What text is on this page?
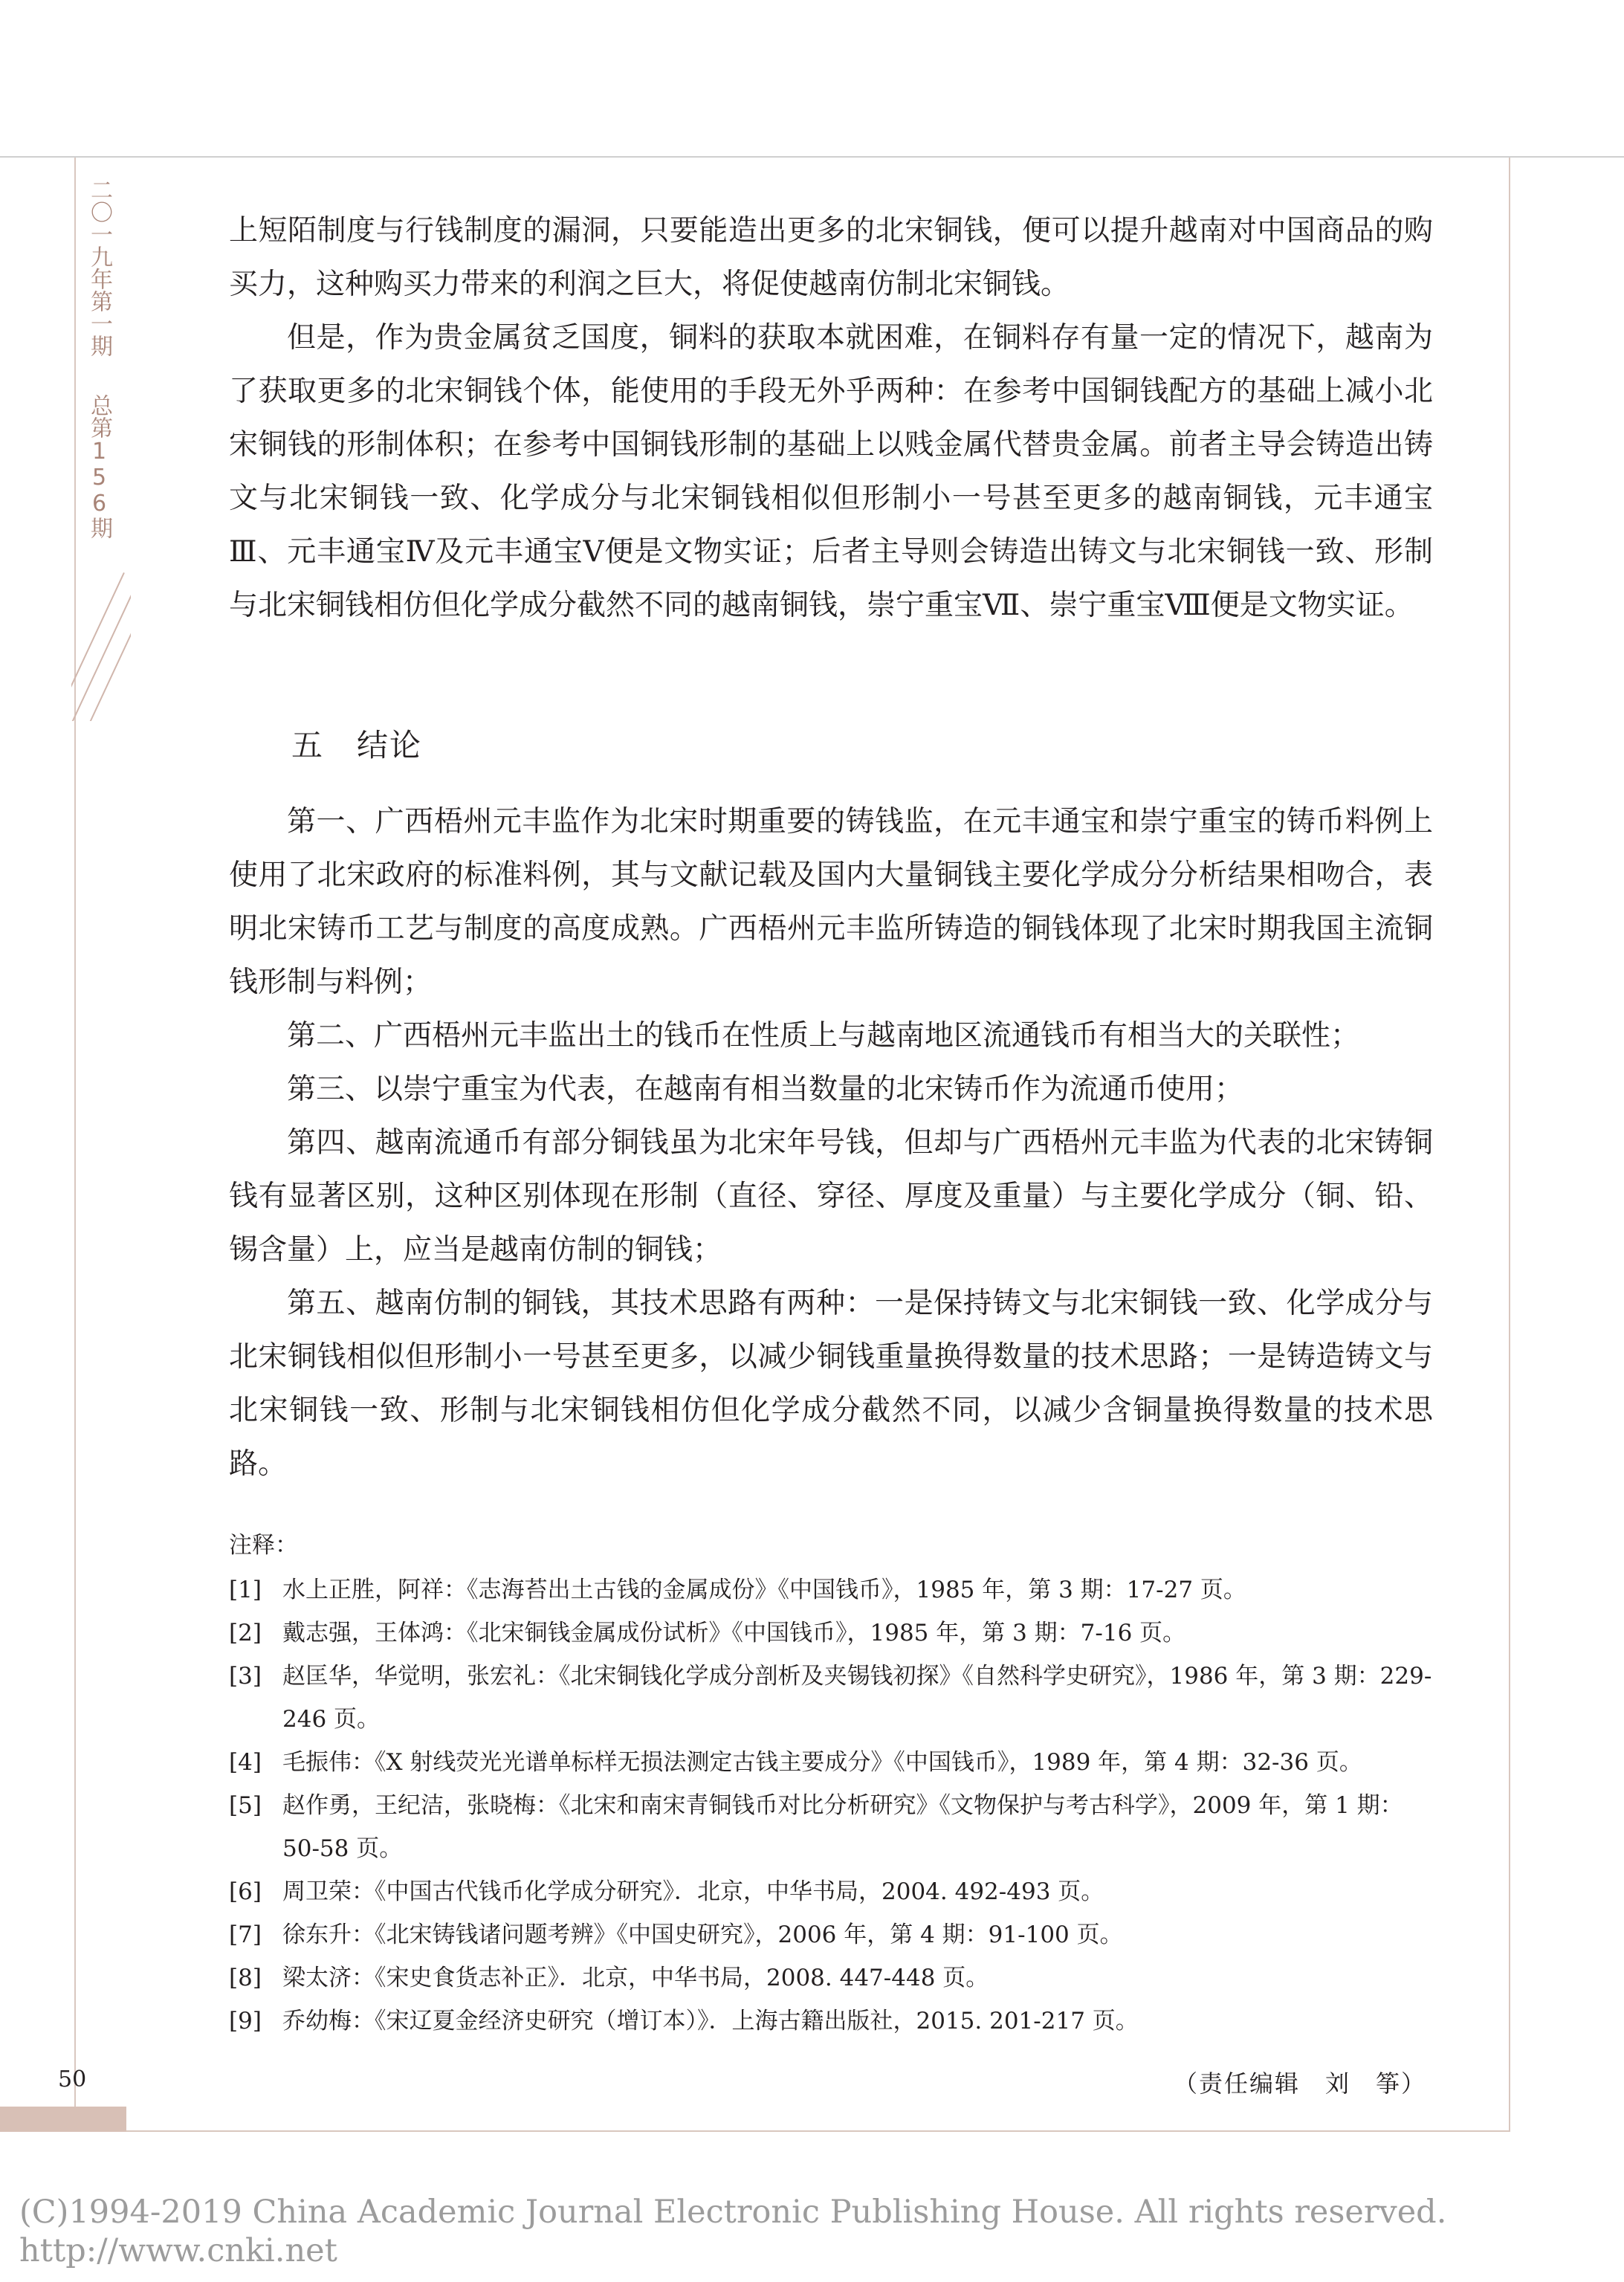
二〇一九年第一期
总第156期

上短陌制度与行钱制度的漏洞，只要能造出更多的北宋铜钱，便可以提升越南对中国商品的购买力，这种购买力带来的利润之巨大，将促使越南仿制北宋铜钱。

但是，作为贵金属贫乏国度，铜料的获取本就困难，在铜料存有量一定的情况下，越南为了获取更多的北宋铜钱个体，能使用的手段无外乎两种：在参考中国铜钱配方的基础上减小北宋铜钱的形制体积；在参考中国铜钱形制的基础上以贱金属代替贵金属。前者主导会铸造出铸文与北宋铜钱一致、化学成分与北宋铜钱相似但形制小一号甚至更多的越南铜钱，元丰通宝Ⅲ、元丰通宝Ⅳ及元丰通宝Ⅴ便是文物实证；后者主导则会铸造出铸文与北宋铜钱一致、形制与北宋铜钱相仿但化学成分截然不同的越南铜钱，崇宁重宝Ⅶ、崇宁重宝Ⅷ便是文物实证。

五　结论

第一、广西梧州元丰监作为北宋时期重要的铸钱监，在元丰通宝和崇宁重宝的铸币料例上使用了北宋政府的标准料例，其与文献记载及国内大量铜钱主要化学成分分析结果相吻合，表明北宋铸币工艺与制度的高度成熟。广西梧州元丰监所铸造的铜钱体现了北宋时期我国主流铜钱形制与料例；

第二、广西梧州元丰监出土的钱币在性质上与越南地区流通钱币有相当大的关联性；

第三、以崇宁重宝为代表，在越南有相当数量的北宋铸币作为流通币使用；

第四、越南流通币有部分铜钱虽为北宋年号钱，但却与广西梧州元丰监为代表的北宋铸铜钱有显著区别，这种区别体现在形制（直径、穿径、厚度及重量）与主要化学成分（铜、铅、锡含量）上，应当是越南仿制的铜钱；

第五、越南仿制的铜钱，其技术思路有两种：一是保持铸文与北宋铜钱一致、化学成分与北宋铜钱相似但形制小一号甚至更多，以减少铜钱重量换得数量的技术思路；一是铸造铸文与北宋铜钱一致、形制与北宋铜钱相仿但化学成分截然不同，以减少含铜量换得数量的技术思路。

注释：
[1] 水上正胜，阿祥：《志海苔出土古钱的金属成份》《中国钱币》，1985 年，第 3 期：17-27 页。
[2] 戴志强，王体鸿：《北宋铜钱金属成份试析》《中国钱币》，1985 年，第 3 期：7-16 页。
[3] 赵匡华，华觉明，张宏礼：《北宋铜钱化学成分剖析及夹锡钱初探》《自然科学史研究》，1986 年，第 3 期：229-246 页。
[4] 毛振伟：《X 射线荧光光谱单标样无损法测定古钱主要成分》《中国钱币》，1989 年，第 4 期：32-36 页。
[5] 赵作勇，王纪洁，张晓梅：《北宋和南宋青铜钱币对比分析研究》《文物保护与考古科学》，2009 年，第 1 期：50-58 页。
[6] 周卫荣：《中国古代钱币化学成分研究》．北京，中华书局，2004. 492-493 页。
[7] 徐东升：《北宋铸钱诸问题考辨》《中国史研究》，2006 年，第 4 期：91-100 页。
[8] 梁太济：《宋史食货志补正》．北京，中华书局，2008. 447-448 页。
[9] 乔幼梅：《宋辽夏金经济史研究（增订本）》．上海古籍出版社，2015. 201-217 页。
（责任编辑　刘　筝）
50
(C)1994-2019 China Academic Journal Electronic Publishing House. All rights reserved.　http://www.cnki.net
